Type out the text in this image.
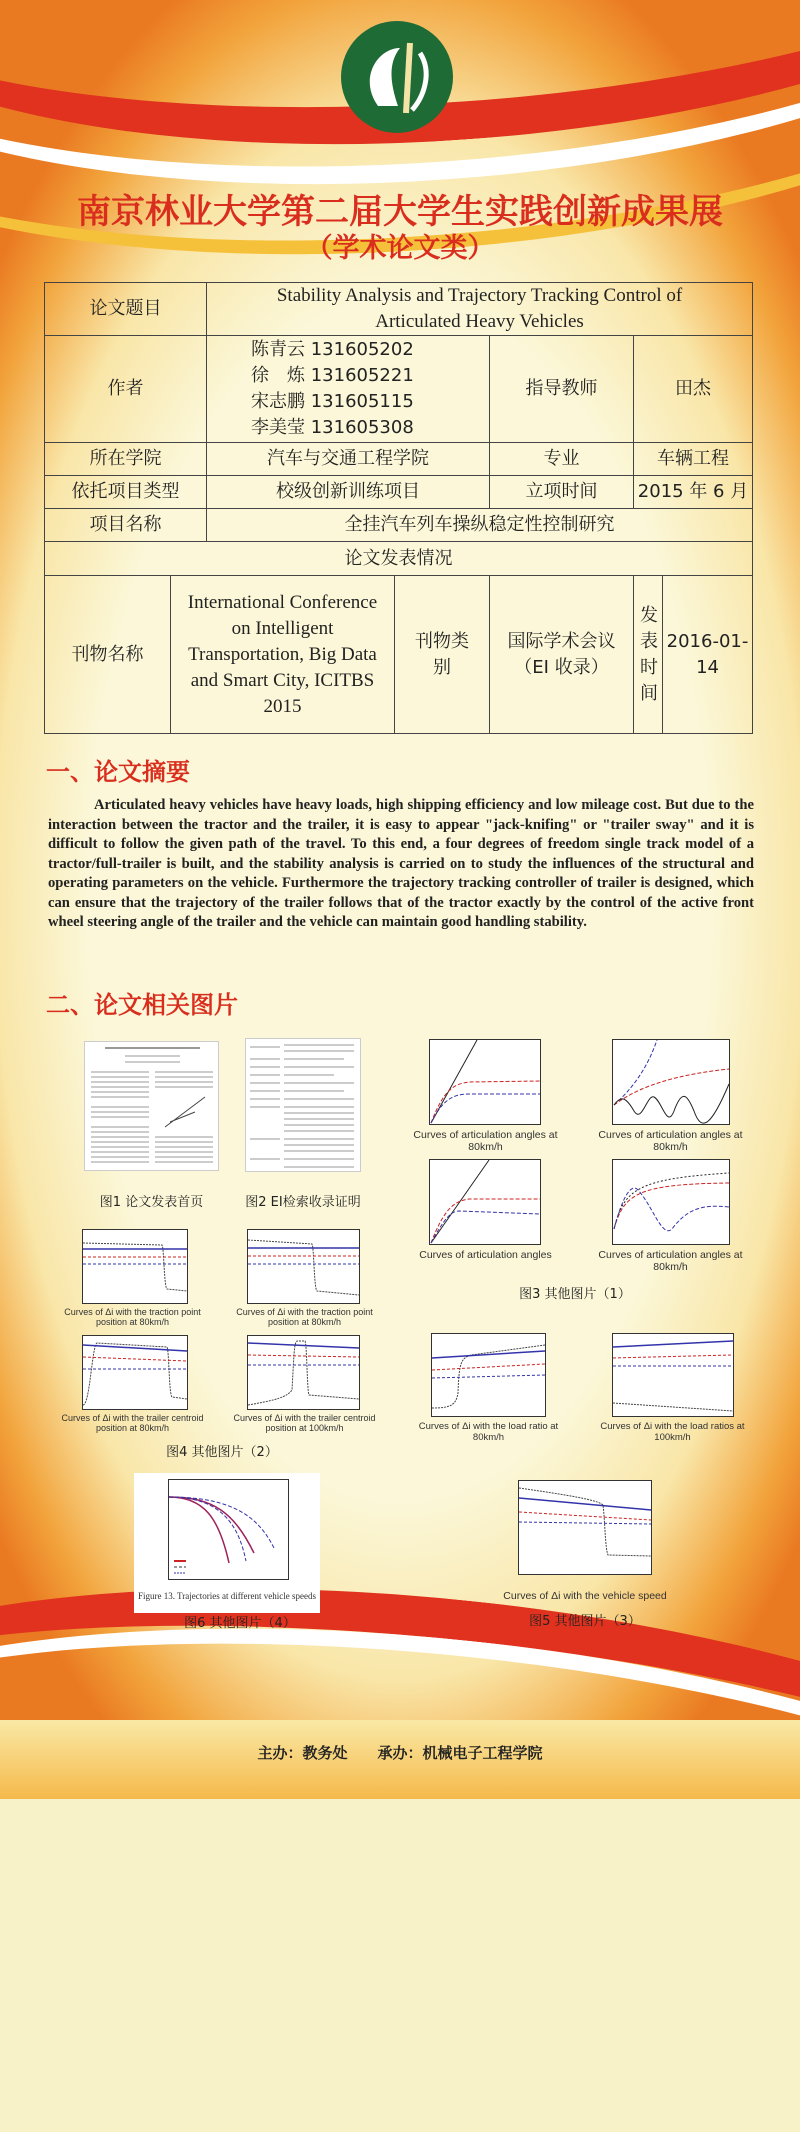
南京林业大学第二届大学生实践创新成果展
（学术论文类）
论文题目		Stability Analysis and Trajectory Tracking Control of Articulated Heavy Vehicles				
作者		陈青云 131605202
徐　炼 131605221
宋志鹏 131605115
李美莹 131605308		指导教师	田杰	
所在学院		汽车与交通工程学院		专业	车辆工程	
依托项目类型		校级创新训练项目		立项时间	2015 年 6 月	
项目名称		全挂汽车列车操纵稳定性控制研究				
论文发表情况						
刊物名称	International Conference on Intelligent Transportation, Big Data and Smart City, ICITBS 2015		刊物类别	国际学术会议（EI 收录）	发表时间	2016-01-14
一、论文摘要
Articulated heavy vehicles have heavy loads, high shipping efficiency and low mileage cost. But due to the interaction between the tractor and the trailer, it is easy to appear "jack-knifing" or "trailer sway" and it is difficult to follow the given path of the travel. To this end, a four degrees of freedom single track model of a tractor/full-trailer is built, and the stability analysis is carried on to study the influences of the structural and operating parameters on the vehicle. Furthermore the trajectory tracking controller of trailer is designed, which can ensure that the trajectory of the trailer follows that of the tractor exactly by the control of the active front wheel steering angle of the trailer and the vehicle can maintain good handling stability.
二、论文相关图片
图1 论文发表首页	图2 EI检索收录证明
Curves of articulation angles at 80km/h
Curves of articulation angles at 80km/h
Curves of articulation angles	Curves of articulation angles at 80km/h
图3 其他图片（1）
Curves of Δi with the traction point position at 80km/h
Curves of Δi with the traction point position at 80km/h
Curves of Δi with the trailer centroid position at 80km/h
Curves of Δi with the trailer centroid position at 100km/h
图4 其他图片（2）
Curves of Δi with the load ratio at 80km/h
Curves of Δi with the load ratios at 100km/h
Figure 13. Trajectories at different vehicle speeds
图6 其他图片（4）
Curves of Δi with the vehicle speed
图5 其他图片（3）
主办：教务处　　承办：机械电子工程学院
